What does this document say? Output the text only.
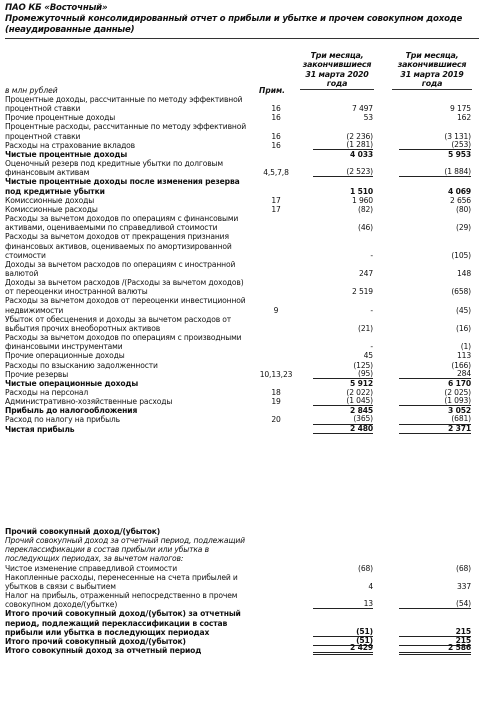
ПАО КБ «Восточный»
Промежуточный консолидированный отчет о прибыли и убытке и прочем совокупном доходе (неаудированные данные)
Три месяца,
закончившиеся
31 марта 2020
года
Три месяца,
закончившиеся
31 марта 2019
года
в млн рублей	Прим.
Процентные доходы, рассчитанные по методу эффективной процентной ставки	16	7 497	9 175
Прочие процентные доходы	16	53	162
Процентные расходы, рассчитанные по методу эффективной процентной ставки	16	(2 236)	(3 131)
Расходы на страхование вкладов	16	(1 281)	(253)
Чистые процентные доходы	4 033	5 953
Оценочный резерв под кредитные убытки по долговым финансовым активам	4,5,7,8	(2 523)	(1 884)
Чистые процентные доходы после изменения резерва под кредитные убытки	1 510	4 069
Комиссионные доходы	17	1 960	2 656
Комиссионные расходы	17	(82)	(80)
Расходы за вычетом доходов по операциям с финансовыми активами, оцениваемыми по справедливой стоимости	(46)	(29)
Расходы за вычетом доходов от прекращения признания финансовых активов, оцениваемых по амортизированной стоимости	-	(105)
Доходы за вычетом расходов по операциям с иностранной валютой	247	148
Доходы за вычетом расходов /(Расходы за вычетом доходов) от переоценки иностранной валюты	2 519	(658)
Расходы за вычетом доходов от переоценки инвестиционной недвижимости	9	-	(45)
Убыток от обесценения и доходы за вычетом расходов от выбытия прочих внеоборотных активов	(21)	(16)
Расходы за вычетом доходов по операциям с производными финансовыми инструментами	-	(1)
Прочие операционные доходы	45	113
Расходы по взысканию задолженности	(125)	(166)
Прочие резервы	10,13,23	(95)	284
Чистые операционные доходы	5 912	6 170
Расходы на персонал	18	(2 022)	(2 025)
Административно-хозяйственные расходы	19	(1 045)	(1 093)
Прибыль до налогообложения	2 845	3 052
Расход по налогу на прибыль	20	(365)	(681)
Чистая прибыль	2 480	2 371
Прочий совокупный доход/(убыток)
Прочий совокупный доход за отчетный период, подлежащий переклассификации в состав прибыли или убытка в последующих периодах, за вычетом налогов:
Чистое изменение справедливой стоимости	(68)	(68)
Накопленные расходы, перенесенные на счета прибылей и убытков в связи с выбытием	4	337
Налог на прибыль, отраженный непосредственно в прочем совокупном доходе/(убытке)	13	(54)
Итого прочий совокупный доход/(убыток) за отчетный период, подлежащий переклассификации в состав прибыли или убытка в последующих периодах	(51)	215
Итого прочий совокупный доход/(убыток)	(51)	215
Итого совокупный доход за отчетный период	2 429	2 586
